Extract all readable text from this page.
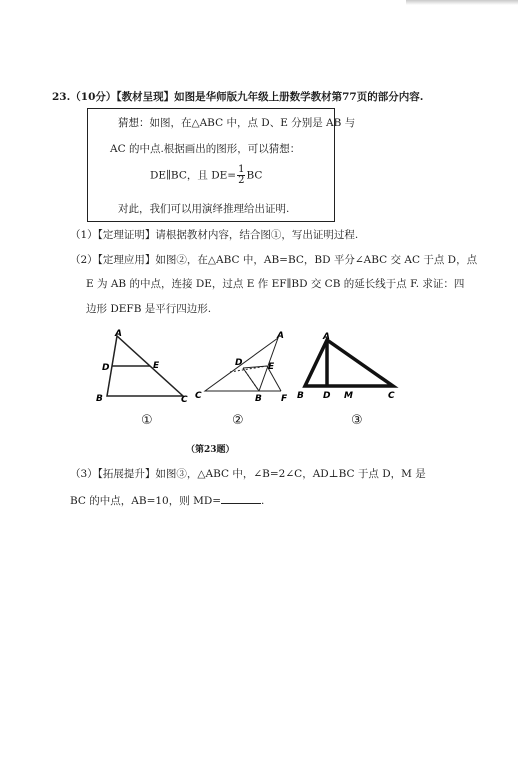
23.（10分）【教材呈现】如图是华师版九年级上册数学教材第77页的部分内容.
猜想：如图，在△ABC 中，点 D、E 分别是 AB 与
AC 的中点.根据画出的图形，可以猜想：
DE∥BC，且 $DE= \frac{1}{2}$ BC
对此，我们可以用演绎推理给出证明.
（1）【定理证明】请根据教材内容，结合图①，写出证明过程.
（2）【定理应用】如图②，在△ABC 中，AB=BC，BD 平分∠ABC 交 AC 于点 D，点
E 为 AB 的中点，连接 DE，过点 E 作 EF∥BD 交 CB 的延长线于点 F. 求证：四
边形 DEFB 是平行四边形.
A
D	E
B	C
A
D	E
C	B F
A
B D M	C
①	②	③
（第23题）
（3）【拓展提升】如图③，△ABC 中，∠B=2∠C，AD⊥BC 于点 D，M 是
BC 的中点，AB=10，则 MD=	.
